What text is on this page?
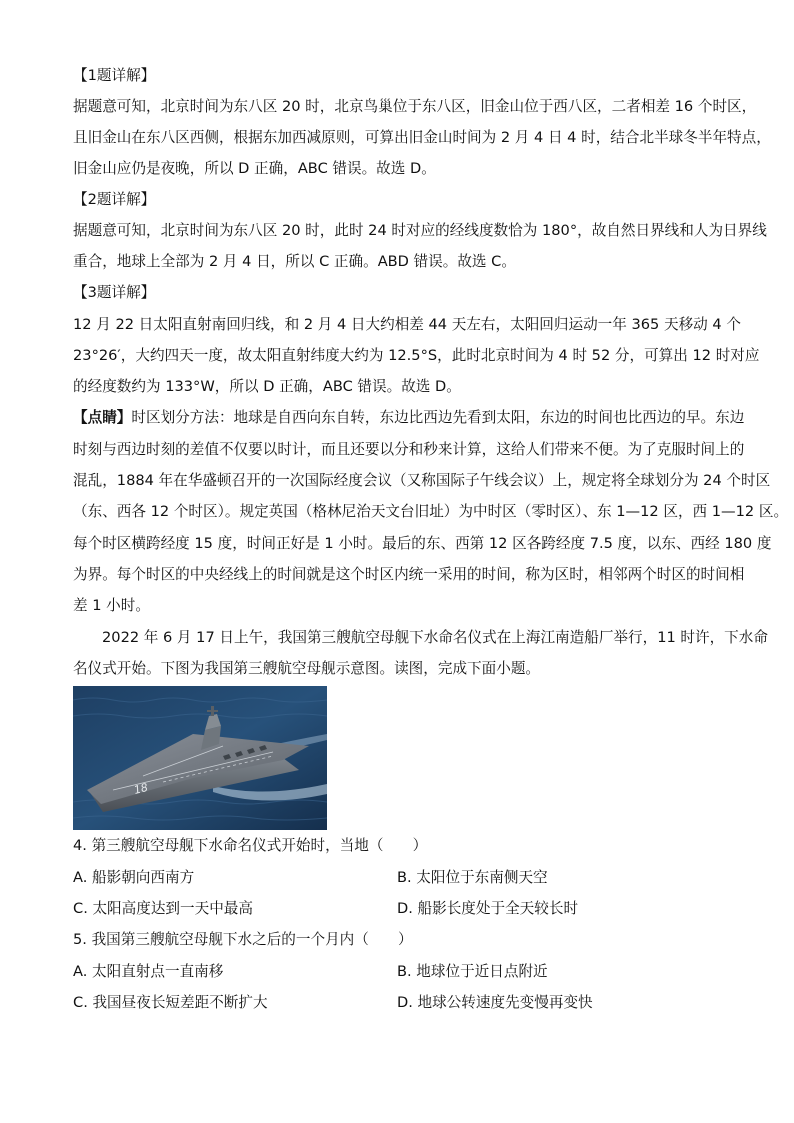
【1题详解】
据题意可知，北京时间为东八区 20 时，北京鸟巢位于东八区，旧金山位于西八区，二者相差 16 个时区，
且旧金山在东八区西侧，根据东加西减原则，可算出旧金山时间为 2 月 4 日 4 时，结合北半球冬半年特点，
旧金山应仍是夜晚，所以 D 正确，ABC 错误。故选 D。
【2题详解】
据题意可知，北京时间为东八区 20 时，此时 24 时对应的经线度数恰为 180°，故自然日界线和人为日界线
重合，地球上全部为 2 月 4 日，所以 C 正确。ABD 错误。故选 C。
【3题详解】
12 月 22 日太阳直射南回归线，和 2 月 4 日大约相差 44 天左右，太阳回归运动一年 365 天移动 4 个
23°26′，大约四天一度，故太阳直射纬度大约为 12.5°S，此时北京时间为 4 时 52 分，可算出 12 时对应
的经度数约为 133°W，所以 D 正确，ABC 错误。故选 D。
【点睛】时区划分方法：地球是自西向东自转，东边比西边先看到太阳，东边的时间也比西边的早。东边
时刻与西边时刻的差值不仅要以时计，而且还要以分和秒来计算，这给人们带来不便。为了克服时间上的
混乱，1884 年在华盛顿召开的一次国际经度会议（又称国际子午线会议）上，规定将全球划分为 24 个时区
（东、西各 12 个时区）。规定英国（格林尼治天文台旧址）为中时区（零时区）、东 1—12 区，西 1—12 区。
每个时区横跨经度 15 度，时间正好是 1 小时。最后的东、西第 12 区各跨经度 7.5 度，以东、西经 180 度
为界。每个时区的中央经线上的时间就是这个时区内统一采用的时间，称为区时，相邻两个时区的时间相
差 1 小时。
2022 年 6 月 17 日上午，我国第三艘航空母舰下水命名仪式在上海江南造船厂举行，11 时许，下水命
名仪式开始。下图为我国第三艘航空母舰示意图。读图，完成下面小题。
18
4. 第三艘航空母舰下水命名仪式开始时，当地（　　）
A. 船影朝向西南方	B. 太阳位于东南侧天空
C. 太阳高度达到一天中最高	D. 船影长度处于全天较长时
5. 我国第三艘航空母舰下水之后的一个月内（　　）
A. 太阳直射点一直南移	B. 地球位于近日点附近
C. 我国昼夜长短差距不断扩大	D. 地球公转速度先变慢再变快
